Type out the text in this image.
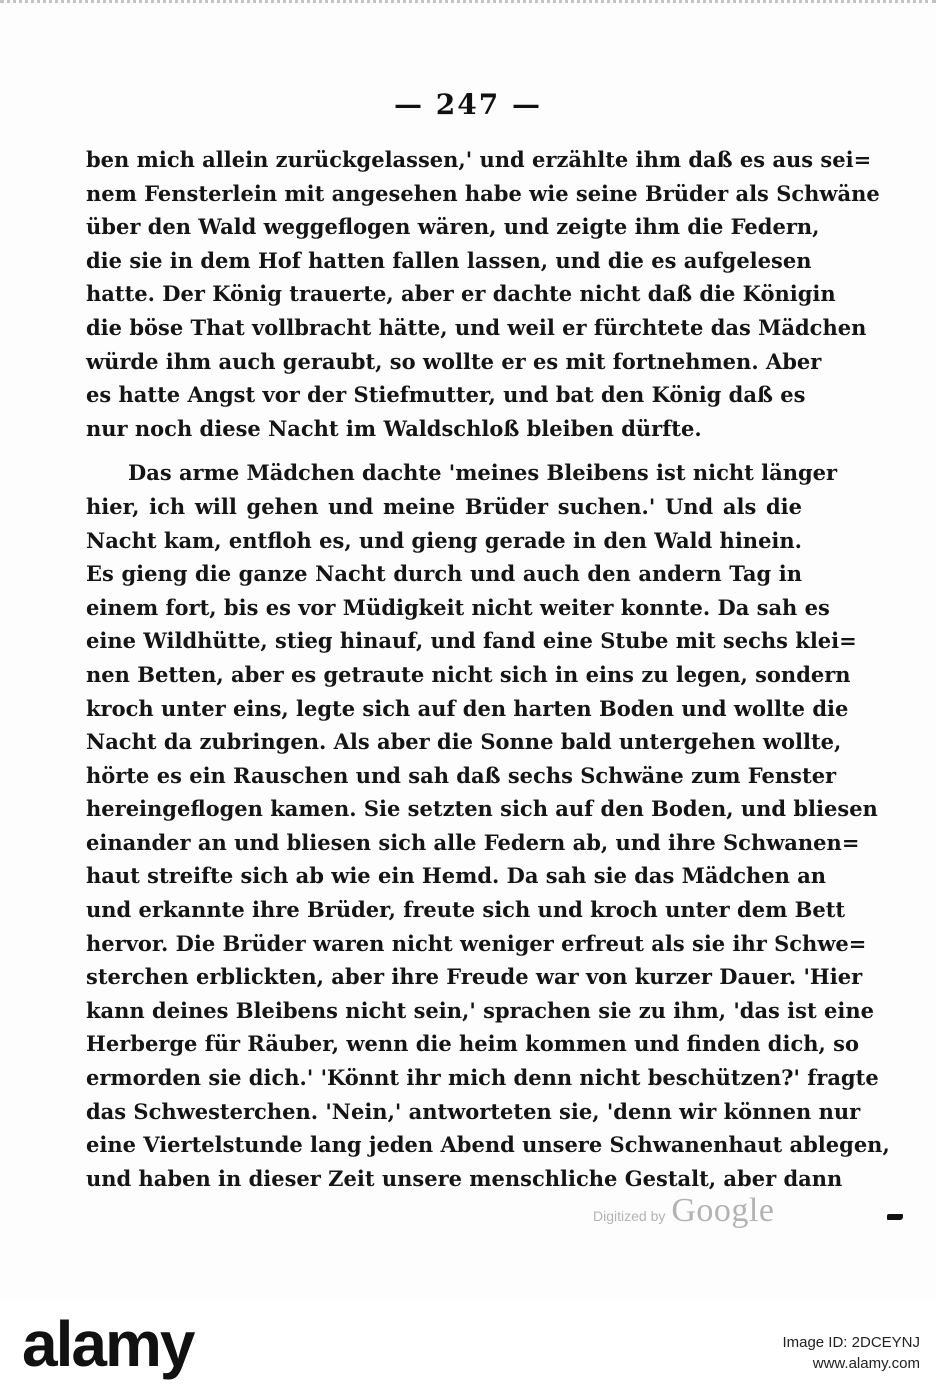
— 247 —
ben mich allein zurückgelassen,' und erzählte ihm daß es aus sei=
nem Fensterlein mit angesehen habe wie seine Brüder als Schwäne
über den Wald weggeflogen wären, und zeigte ihm die Federn,
die sie in dem Hof hatten fallen lassen, und die es aufgelesen
hatte. Der König trauerte, aber er dachte nicht daß die Königin
die böse That vollbracht hätte, und weil er fürchtete das Mädchen
würde ihm auch geraubt, so wollte er es mit fortnehmen. Aber
es hatte Angst vor der Stiefmutter, und bat den König daß es
nur noch diese Nacht im Waldschloß bleiben dürfte.
Das arme Mädchen dachte 'meines Bleibens ist nicht länger
hier, ich will gehen und meine Brüder suchen.' Und als die
Nacht kam, entfloh es, und gieng gerade in den Wald hinein.
Es gieng die ganze Nacht durch und auch den andern Tag in
einem fort, bis es vor Müdigkeit nicht weiter konnte. Da sah es
eine Wildhütte, stieg hinauf, und fand eine Stube mit sechs klei=
nen Betten, aber es getraute nicht sich in eins zu legen, sondern
kroch unter eins, legte sich auf den harten Boden und wollte die
Nacht da zubringen. Als aber die Sonne bald untergehen wollte,
hörte es ein Rauschen und sah daß sechs Schwäne zum Fenster
hereingeflogen kamen. Sie setzten sich auf den Boden, und bliesen
einander an und bliesen sich alle Federn ab, und ihre Schwanen=
haut streifte sich ab wie ein Hemd. Da sah sie das Mädchen an
und erkannte ihre Brüder, freute sich und kroch unter dem Bett
hervor. Die Brüder waren nicht weniger erfreut als sie ihr Schwe=
sterchen erblickten, aber ihre Freude war von kurzer Dauer. 'Hier
kann deines Bleibens nicht sein,' sprachen sie zu ihm, 'das ist eine
Herberge für Räuber, wenn die heim kommen und finden dich, so
ermorden sie dich.' 'Könnt ihr mich denn nicht beschützen?' fragte
das Schwesterchen. 'Nein,' antworteten sie, 'denn wir können nur
eine Viertelstunde lang jeden Abend unsere Schwanenhaut ablegen,
und haben in dieser Zeit unsere menschliche Gestalt, aber dann
Digitized by Google
alamy	Image ID: 2DCEYNJ
www.alamy.com
